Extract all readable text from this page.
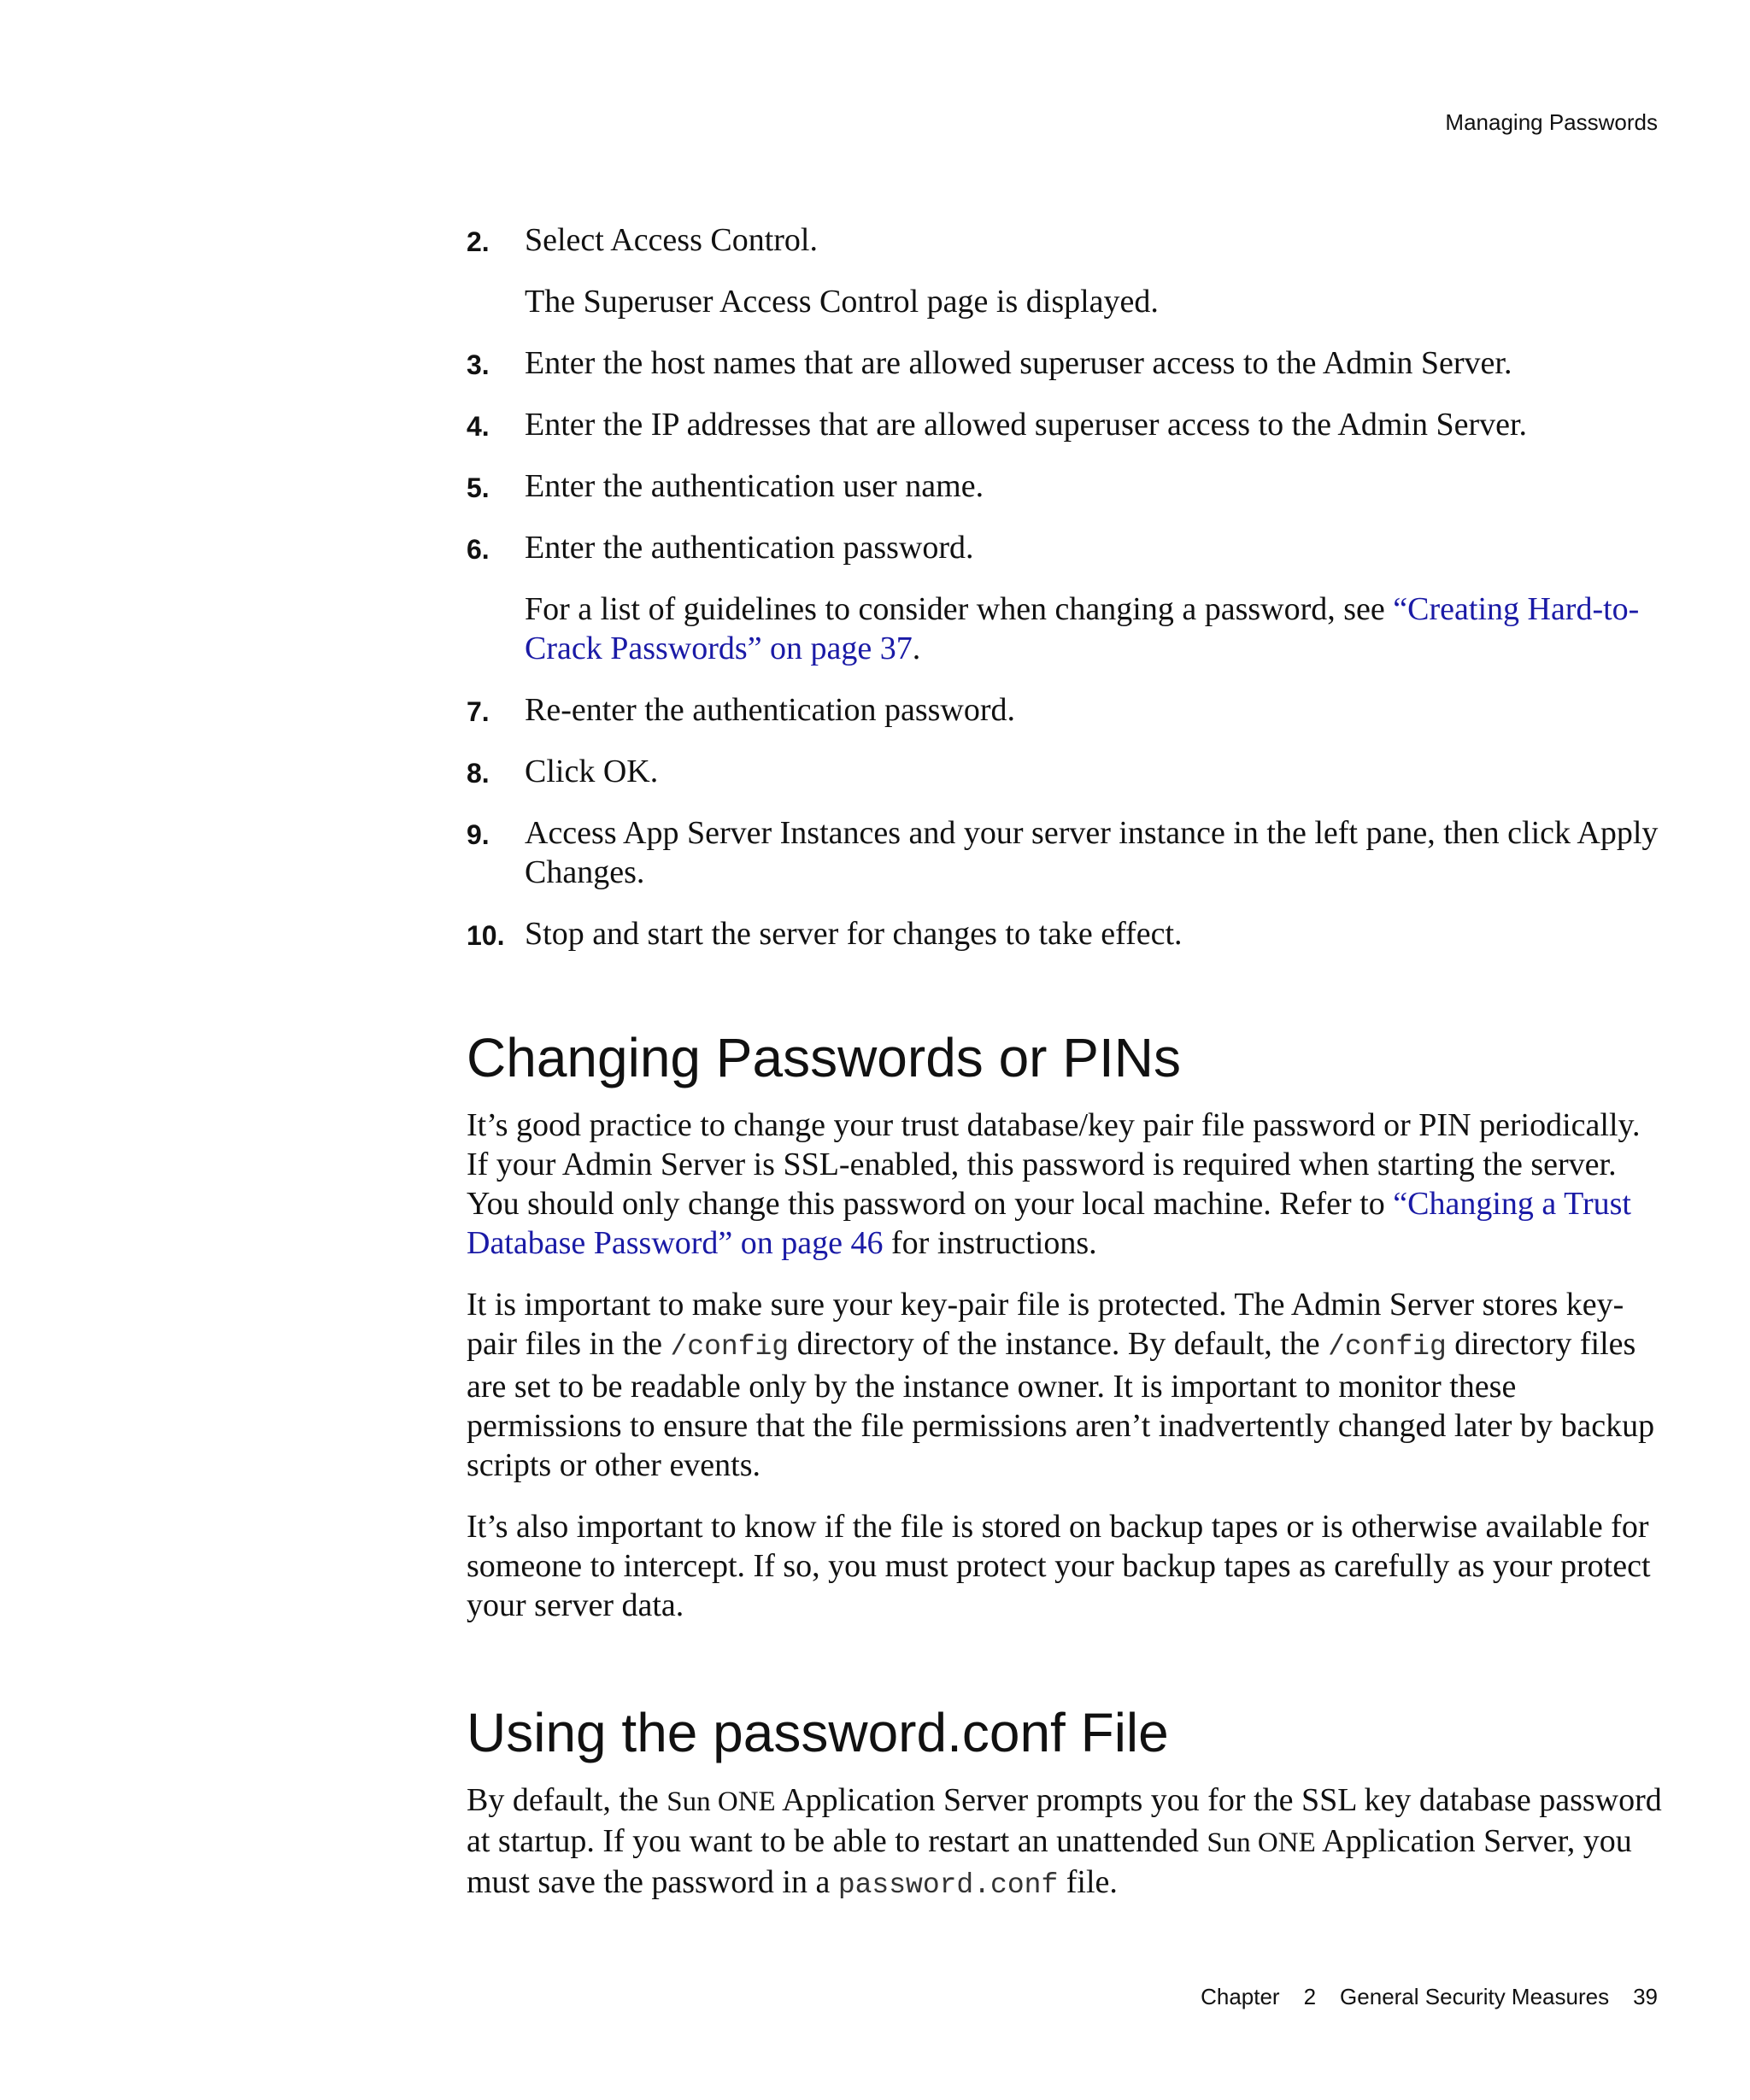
Managing Passwords
2. Select Access Control.
The Superuser Access Control page is displayed.
3. Enter the host names that are allowed superuser access to the Admin Server.
4. Enter the IP addresses that are allowed superuser access to the Admin Server.
5. Enter the authentication user name.
6. Enter the authentication password.
For a list of guidelines to consider when changing a password, see “Creating Hard-to-Crack Passwords” on page 37.
7. Re-enter the authentication password.
8. Click OK.
9. Access App Server Instances and your server instance in the left pane, then click Apply Changes.
10. Stop and start the server for changes to take effect.
Changing Passwords or PINs

It’s good practice to change your trust database/key pair file password or PIN periodically. If your Admin Server is SSL-enabled, this password is required when starting the server. You should only change this password on your local machine. Refer to “Changing a Trust Database Password” on page 46 for instructions.

It is important to make sure your key-pair file is protected. The Admin Server stores key-pair files in the /config directory of the instance. By default, the /config directory files are set to be readable only by the instance owner. It is important to monitor these permissions to ensure that the file permissions aren’t inadvertently changed later by backup scripts or other events.

It’s also important to know if the file is stored on backup tapes or is otherwise available for someone to intercept. If so, you must protect your backup tapes as carefully as your protect your server data.

Using the password.conf File

By default, the Sun ONE Application Server prompts you for the SSL key database password at startup. If you want to be able to restart an unattended Sun ONE Application Server, you must save the password in a password.conf file.

Chapter 2 General Security Measures 39
